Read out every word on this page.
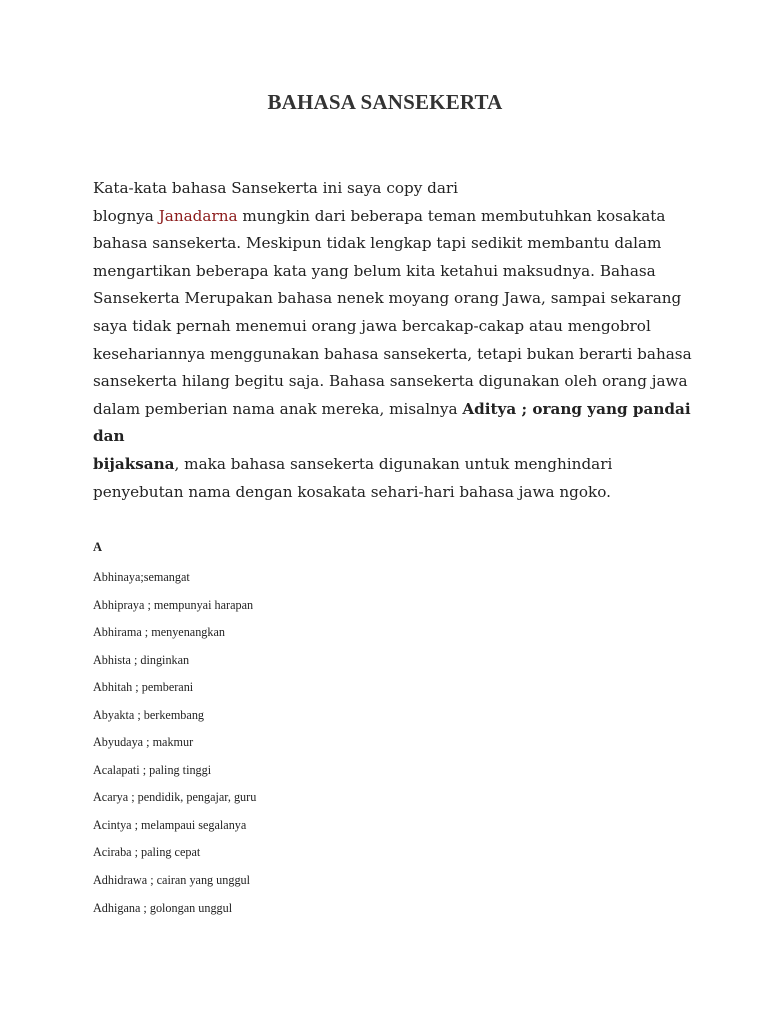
BAHASA SANSEKERTA

Kata-kata bahasa Sansekerta ini saya copy dari
blognya Janadarna mungkin dari beberapa teman membutuhkan kosakata bahasa sansekerta. Meskipun tidak lengkap tapi sedikit membantu dalam mengartikan beberapa kata yang belum kita ketahui maksudnya. Bahasa Sansekerta Merupakan bahasa nenek moyang orang Jawa, sampai sekarang saya tidak pernah menemui orang jawa bercakap-cakap atau mengobrol kesehariannya menggunakan bahasa sansekerta, tetapi bukan berarti bahasa sansekerta hilang begitu saja. Bahasa sansekerta digunakan oleh orang jawa dalam pemberian nama anak mereka, misalnya Aditya ; orang yang pandai dan
bijaksana, maka bahasa sansekerta digunakan untuk menghindari penyebutan nama dengan kosakata sehari-hari bahasa jawa ngoko.

A

Abhinaya;semangat
Abhipraya ; mempunyai harapan
Abhirama ; menyenangkan
Abhista ; dinginkan
Abhitah ; pemberani
Abyakta ; berkembang
Abyudaya ; makmur
Acalapati ; paling tinggi
Acarya ; pendidik, pengajar, guru
Acintya ; melampaui segalanya
Aciraba ; paling cepat
Adhidrawa ; cairan yang unggul
Adhigana ; golongan unggul
